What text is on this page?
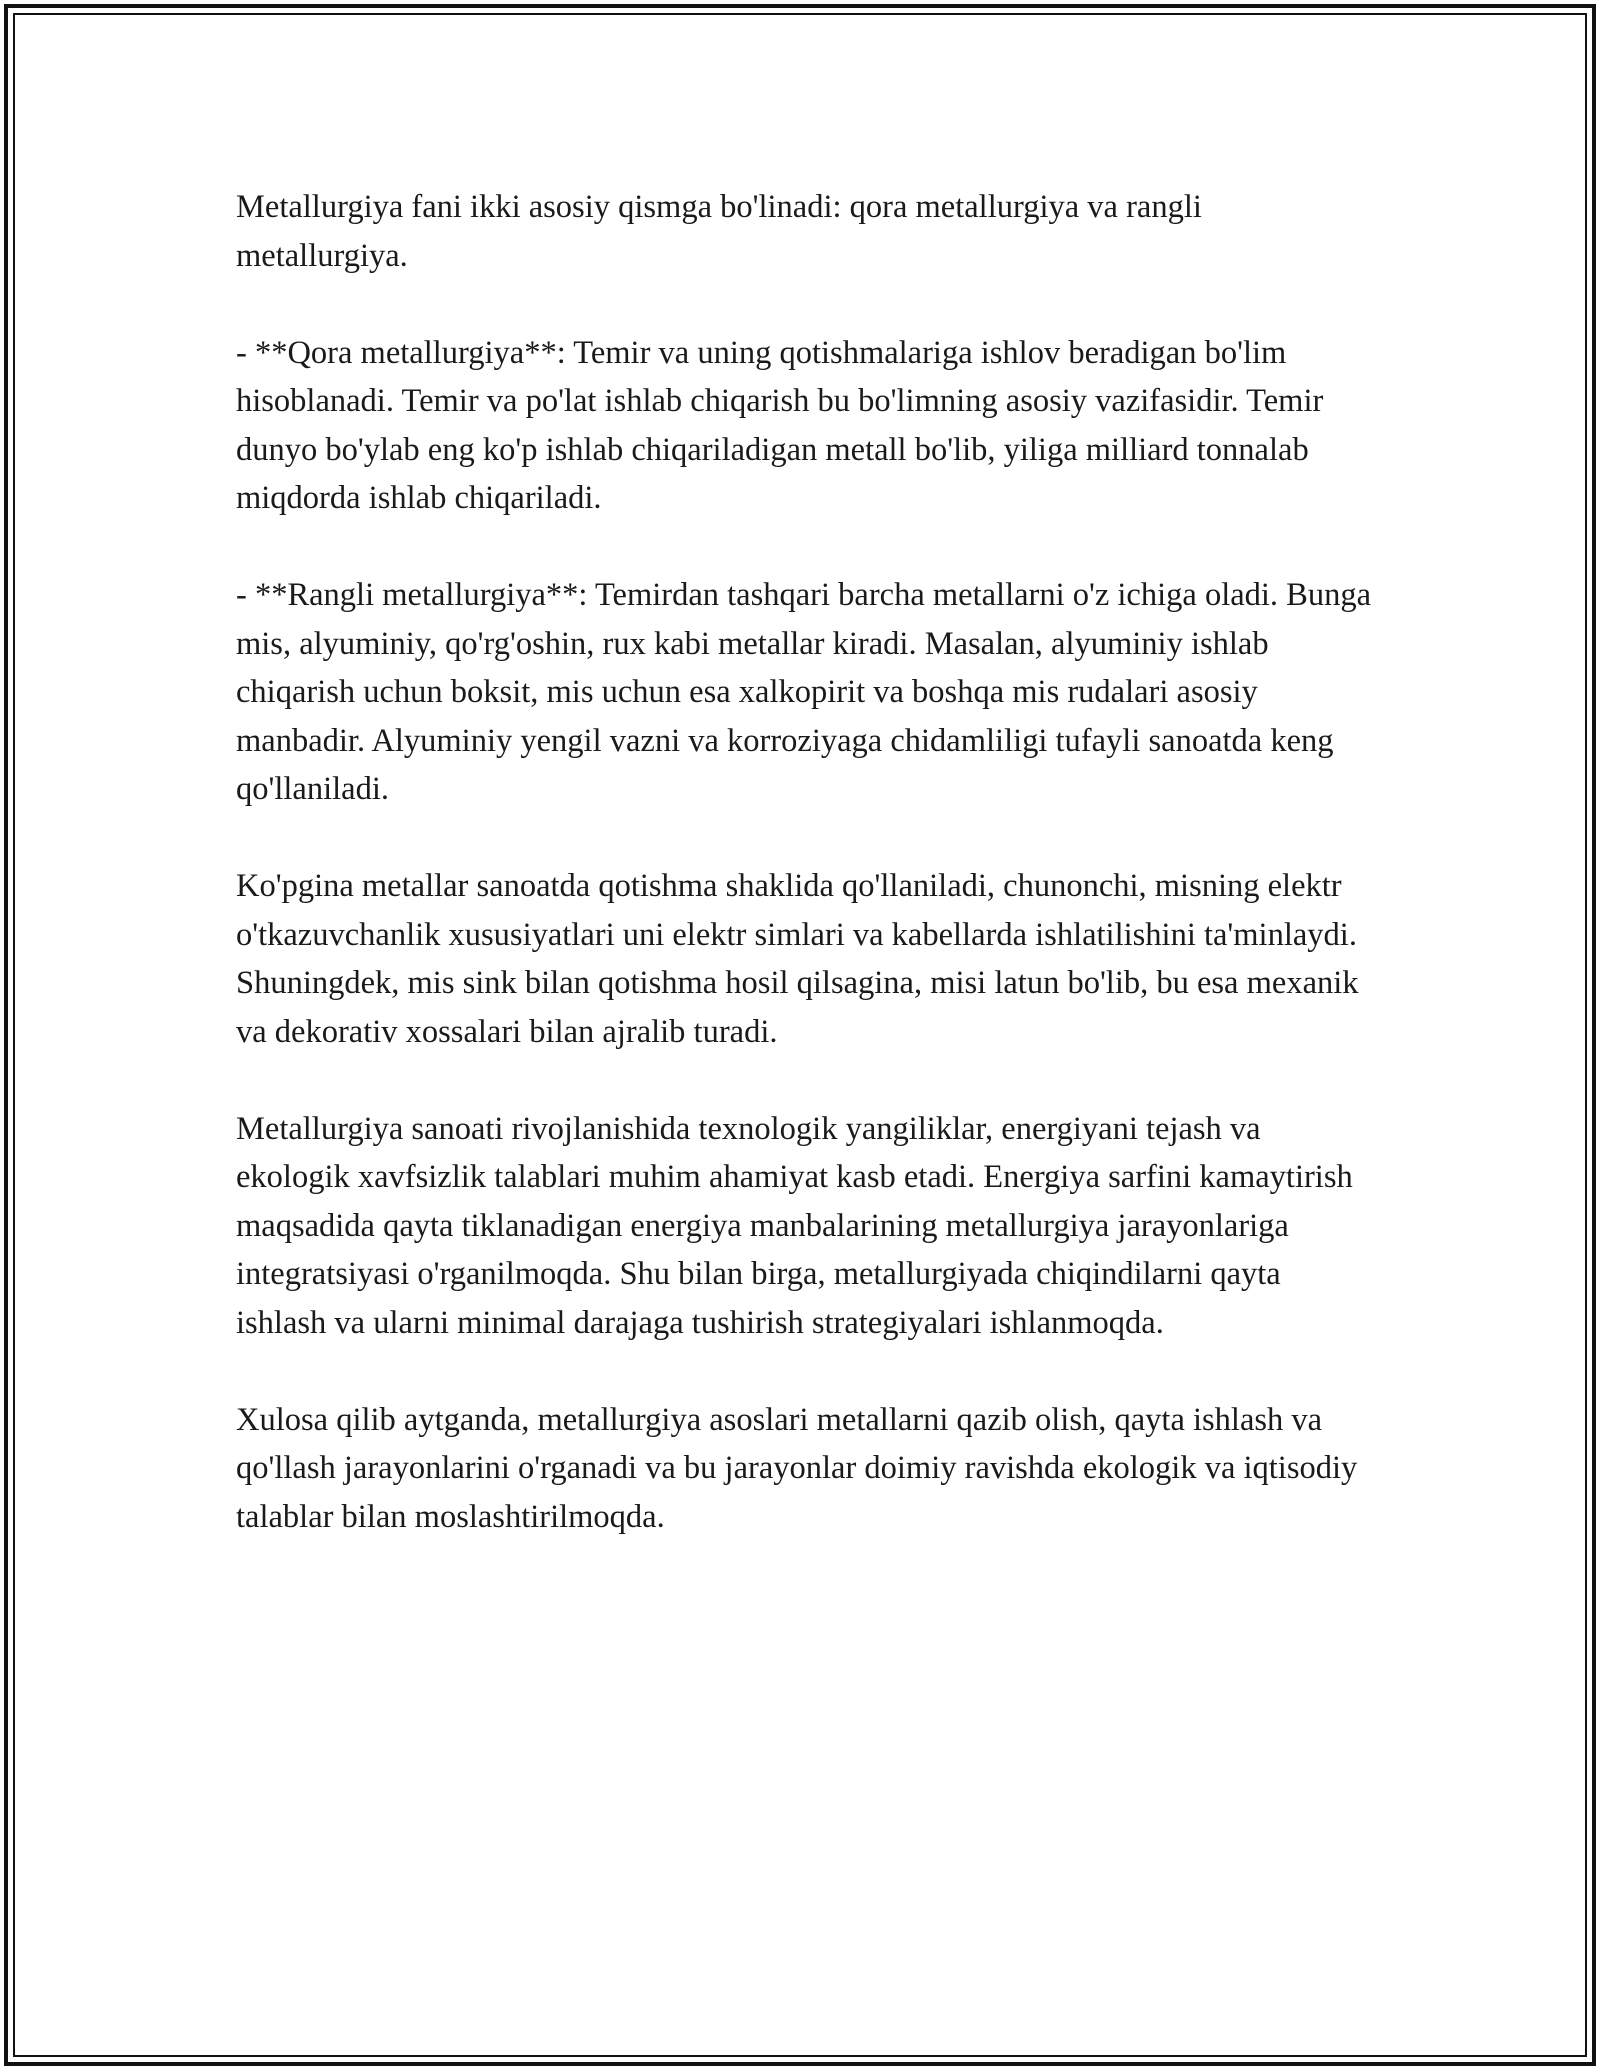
Metallurgiya fani ikki asosiy qismga bo'linadi: qora metallurgiya va rangli metallurgiya.

- **Qora metallurgiya**: Temir va uning qotishmalariga ishlov beradigan bo'lim hisoblanadi. Temir va po'lat ishlab chiqarish bu bo'limning asosiy vazifasidir. Temir dunyo bo'ylab eng ko'p ishlab chiqariladigan metall bo'lib, yiliga milliard tonnalab miqdorda ishlab chiqariladi.

- **Rangli metallurgiya**: Temirdan tashqari barcha metallarni o'z ichiga oladi. Bunga mis, alyuminiy, qo'rg'oshin, rux kabi metallar kiradi. Masalan, alyuminiy ishlab chiqarish uchun boksit, mis uchun esa xalkopirit va boshqa mis rudalari asosiy manbadir. Alyuminiy yengil vazni va korroziyaga chidamliligi tufayli sanoatda keng qo'llaniladi.

Ko'pgina metallar sanoatda qotishma shaklida qo'llaniladi, chunonchi, misning elektr o'tkazuvchanlik xususiyatlari uni elektr simlari va kabellarda ishlatilishini ta'minlaydi. Shuningdek, mis sink bilan qotishma hosil qilsagina, misi latun bo'lib, bu esa mexanik va dekorativ xossalari bilan ajralib turadi.

Metallurgiya sanoati rivojlanishida texnologik yangiliklar, energiyani tejash va ekologik xavfsizlik talablari muhim ahamiyat kasb etadi. Energiya sarfini kamaytirish maqsadida qayta tiklanadigan energiya manbalarining metallurgiya jarayonlariga integratsiyasi o'rganilmoqda. Shu bilan birga, metallurgiyada chiqindilarni qayta ishlash va ularni minimal darajaga tushirish strategiyalari ishlanmoqda.

Xulosa qilib aytganda, metallurgiya asoslari metallarni qazib olish, qayta ishlash va qo'llash jarayonlarini o'rganadi va bu jarayonlar doimiy ravishda ekologik va iqtisodiy talablar bilan moslashtirilmoqda.
